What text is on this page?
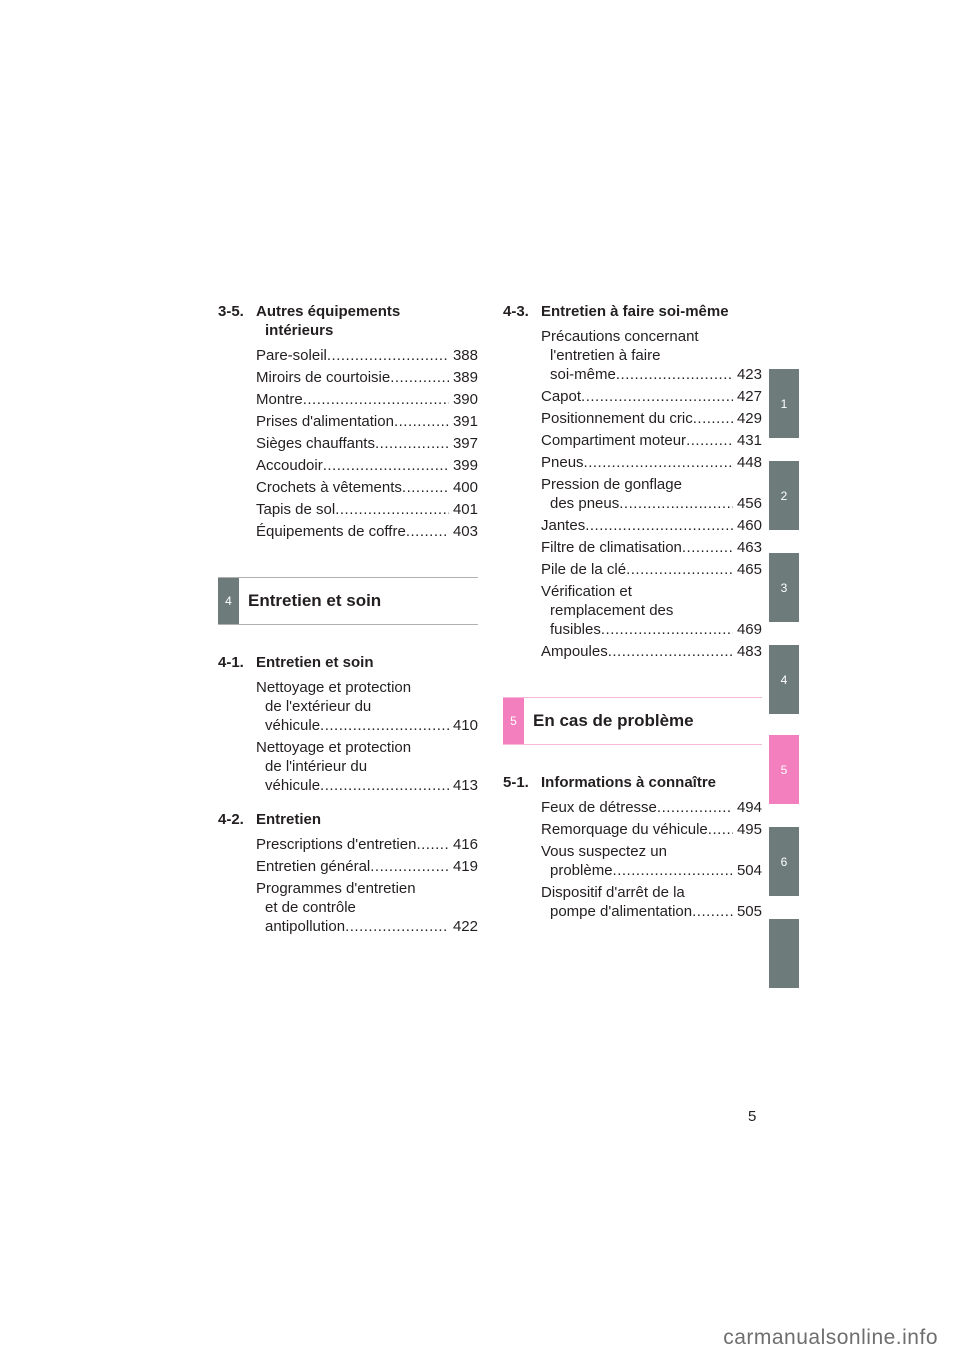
3-5. Autres équipements
intérieurs
Pare-soleil .....	388
Miroirs de courtoisie .....	389
Montre .....	390
Prises d'alimentation .....	391
Sièges chauffants .....	397
Accoudoir .....	399
Crochets à vêtements .....	400
Tapis de sol .....	401
Équipements de coffre .....	403
4 Entretien et soin
4-1. Entretien et soin
Nettoyage et protection
de l'extérieur du
véhicule .....	410
Nettoyage et protection
de l'intérieur du
véhicule .....	413
4-2. Entretien
Prescriptions d'entretien ..... 416
Entretien général .....	419
Programmes d'entretien
et de contrôle
antipollution .....	422
4-3. Entretien à faire soi-même
Précautions concernant
l'entretien à faire
soi-même .....	423
Capot .....	427
Positionnement du cric .....	429
Compartiment moteur .....	431
Pneus .....	448
Pression de gonflage
des pneus .....	456
Jantes .....	460
Filtre de climatisation .....	463
Pile de la clé .....	465
Vérification et
remplacement des
fusibles .....	469
Ampoules .....	483
5 En cas de problème
5-1. Informations à connaître
Feux de détresse .....	494
Remorquage du véhicule ..... 495
Vous suspectez un
problème .....	504
Dispositif d'arrêt de la
pompe d'alimentation .....	505
1
2
3
4
5
6
5
carmanualsonline.info
